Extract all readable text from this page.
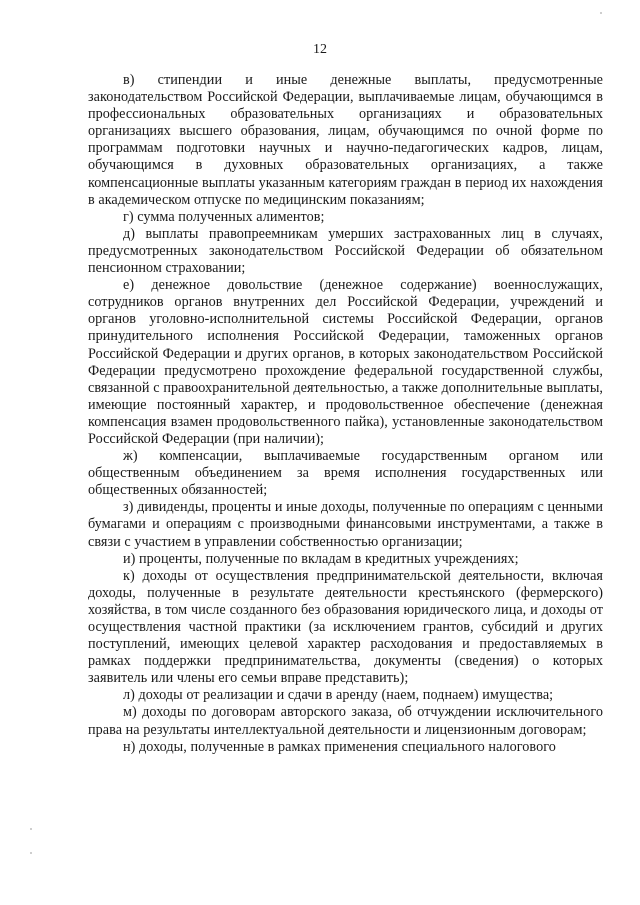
12

в) стипендии и иные денежные выплаты, предусмотренные законодательством Российской Федерации, выплачиваемые лицам, обучающимся в профессиональных образовательных организациях и образовательных организациях высшего образования, лицам, обучающимся по очной форме по программам подготовки научных и научно-педагогических кадров, лицам, обучающимся в духовных образовательных организациях, а также компенсационные выплаты указанным категориям граждан в период их нахождения в академическом отпуске по медицинским показаниям;

г) сумма полученных алиментов;

д) выплаты правопреемникам умерших застрахованных лиц в случаях, предусмотренных законодательством Российской Федерации об обязательном пенсионном страховании;

е) денежное довольствие (денежное содержание) военнослужащих, сотрудников органов внутренних дел Российской Федерации, учреждений и органов уголовно-исполнительной системы Российской Федерации, органов принудительного исполнения Российской Федерации, таможенных органов Российской Федерации и других органов, в которых законодательством Российской Федерации предусмотрено прохождение федеральной государственной службы, связанной с правоохранительной деятельностью, а также дополнительные выплаты, имеющие постоянный характер, и продовольственное обеспечение (денежная компенсация взамен продовольственного пайка), установленные законодательством Российской Федерации (при наличии);

ж) компенсации, выплачиваемые государственным органом или общественным объединением за время исполнения государственных или общественных обязанностей;

з) дивиденды, проценты и иные доходы, полученные по операциям с ценными бумагами и операциям с производными финансовыми инструментами, а также в связи с участием в управлении собственностью организации;

и) проценты, полученные по вкладам в кредитных учреждениях;

к) доходы от осуществления предпринимательской деятельности, включая доходы, полученные в результате деятельности крестьянского (фермерского) хозяйства, в том числе созданного без образования юридического лица, и доходы от осуществления частной практики (за исключением грантов, субсидий и других поступлений, имеющих целевой характер расходования и предоставляемых в рамках поддержки предпринимательства, документы (сведения) о которых заявитель или члены его семьи вправе представить);

л) доходы от реализации и сдачи в аренду (наем, поднаем) имущества;

м) доходы по договорам авторского заказа, об отчуждении исключительного права на результаты интеллектуальной деятельности и лицензионным договорам;

н) доходы, полученные в рамках применения специального налогового
